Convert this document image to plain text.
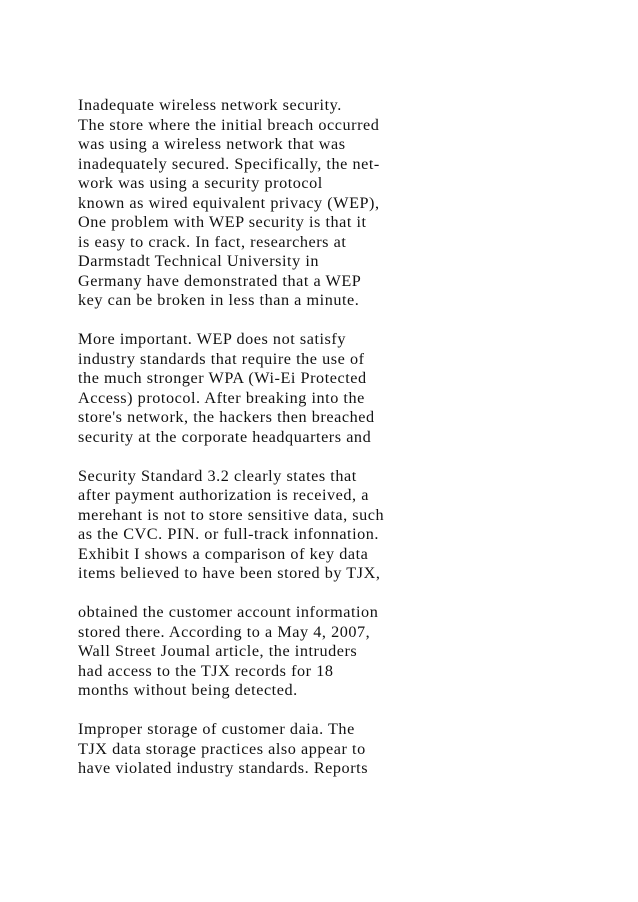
Inadequate wireless network security.
The store where the initial breach occurred
was using a wireless network that was
inadequately secured. Specifically, the net-
work was using a security protocol
known as wired equivalent privacy (WEP),
One problem with WEP security is that it
is easy to crack. In fact, researchers at
Darmstadt Technical University in
Germany have demonstrated that a WEP
key can be broken in less than a minute.
More important. WEP does not satisfy
industry standards that require the use of
the much stronger WPA (Wi-Ei Protected
Access) protocol. After breaking into the
store's network, the hackers then breached
security at the corporate headquarters and
Security Standard 3.2 clearly states that
after payment authorization is received, a
merehant is not to store sensitive data, such
as the CVC. PIN. or full-track infonnation.
Exhibit I shows a comparison of key data
items believed to have been stored by TJX,
obtained the customer account information
stored there. According to a May 4, 2007,
Wall Street Joumal article, the intruders
had access to the TJX records for 18
months without being detected.
Improper storage of customer daia. The
TJX data storage practices also appear to
have violated industry standards. Reports
